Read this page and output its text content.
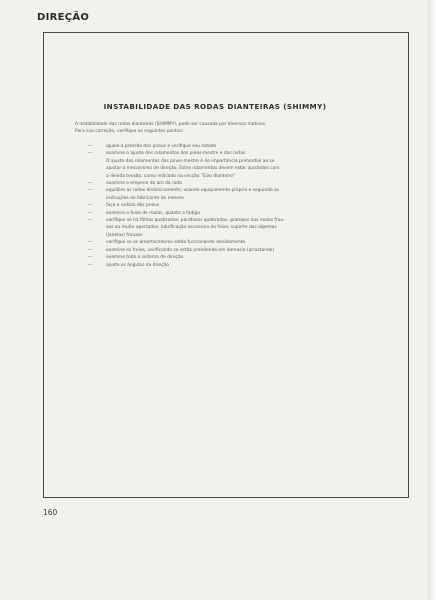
DIREÇÃO
INSTABILIDADE DAS RODAS DIANTEIRAS (SHIMMY)

A instabilidade das rodas dianteiras (SHIMMY), pode ser causada por diversos motivos.

Para sua correção, verifique os seguintes pontos:

—	iguale a pressão dos pneus e verifique seu estado
—	examine o ajuste dos rolamentos dos pinos-mestre e das rodas
O ajuste dos rolamentos dos pinos-mestre é de importância primordial ao se
ajustar o mecanismo de direção. Estes rolamentos devem estar ajustados com
a devida tensão, como indicado na secção "Eixo dianteiro"
—	examine o empeno do aro da roda
—	equilibre as rodas dinâmicamente, usando equipamento próprio e seguindo as
instruções do fabricante do mesmo
—	faça o rodízio dos pneus
—	examine o feixe de molas, quanto a fadiga
—	verifique se há fôlhas quebradas; parafusos quebrados; grampos das molas frou-
xos ou muito apertados; lubrificação excessiva do feixe; suporte das algemas
(janelas) frouxos
—	verifique se os amortecedores estão funcionando devidamente
—	examine os freios, verificando se estão prendendo em demasia (arrastando)
—	examine todo o sistema de direção
—	ajuste os ângulos da direção
160
